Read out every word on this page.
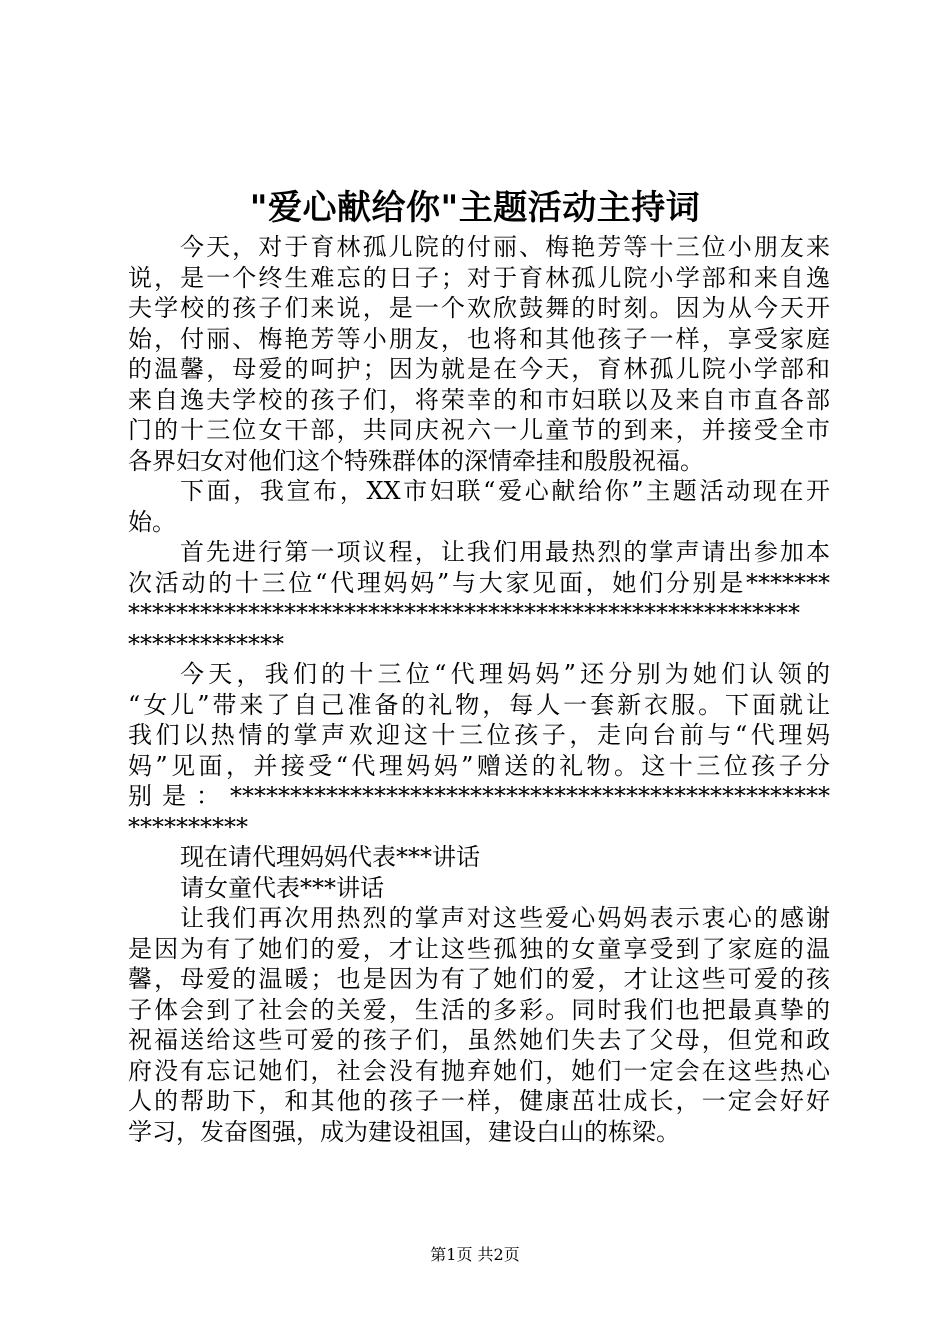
"爱心献给你"主题活动主持词
今天，对于育林孤儿院的付丽、梅艳芳等十三位小朋友来
说，是一个终生难忘的日子；对于育林孤儿院小学部和来自逸
夫学校的孩子们来说，是一个欢欣鼓舞的时刻。因为从今天开
始，付丽、梅艳芳等小朋友，也将和其他孩子一样，享受家庭
的温馨，母爱的呵护；因为就是在今天，育林孤儿院小学部和
来自逸夫学校的孩子们，将荣幸的和市妇联以及来自市直各部
门的十三位女干部，共同庆祝六一儿童节的到来，并接受全市
各界妇女对他们这个特殊群体的深情牵挂和殷殷祝福。
下面，我宣布，XX市妇联“爱心献给你”主题活动现在开
始。
首先进行第一项议程，让我们用最热烈的掌声请出参加本
次活动的十三位“代理妈妈”与大家见面，她们分别是*******
********************************************************
*************
今天，我们的十三位“代理妈妈”还分别为她们认领的
“女儿”带来了自己准备的礼物，每人一套新衣服。下面就让
我们以热情的掌声欢迎这十三位孩子，走向台前与“代理妈
妈”见面，并接受“代理妈妈”赠送的礼物。这十三位孩子分
别是：**************************************************
**********
现在请代理妈妈代表***讲话
请女童代表***讲话
让我们再次用热烈的掌声对这些爱心妈妈表示衷心的感谢
是因为有了她们的爱，才让这些孤独的女童享受到了家庭的温
馨，母爱的温暖；也是因为有了她们的爱，才让这些可爱的孩
子体会到了社会的关爱，生活的多彩。同时我们也把最真挚的
祝福送给这些可爱的孩子们，虽然她们失去了父母，但党和政
府没有忘记她们，社会没有抛弃她们，她们一定会在这些热心
人的帮助下，和其他的孩子一样，健康茁壮成长，一定会好好
学习，发奋图强，成为建设祖国，建设白山的栋梁。
第1页 共2页
